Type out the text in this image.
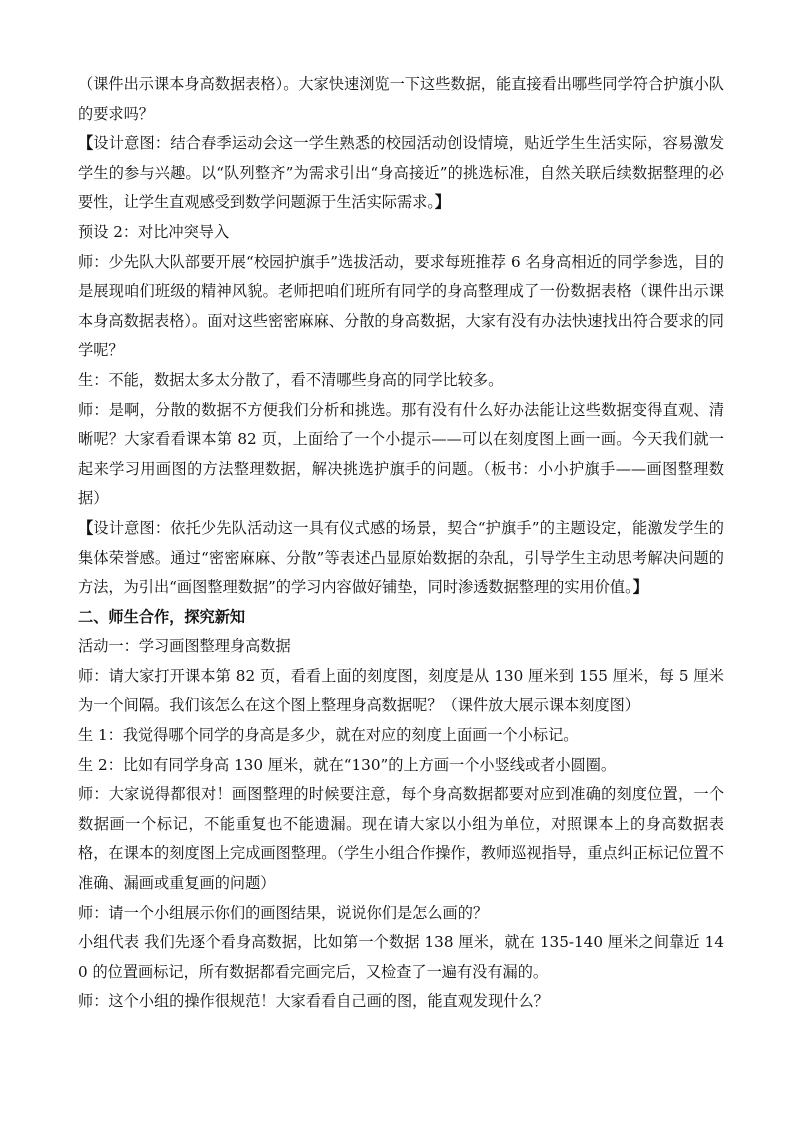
（课件出示课本身高数据表格）。大家快速浏览一下这些数据，能直接看出哪些同学符合护旗小队的要求吗？

【设计意图：结合春季运动会这一学生熟悉的校园活动创设情境，贴近学生生活实际，容易激发学生的参与兴趣。以“队列整齐”为需求引出“身高接近”的挑选标准，自然关联后续数据整理的必要性，让学生直观感受到数学问题源于生活实际需求。】

预设 2：对比冲突导入

师：少先队大队部要开展“校园护旗手”选拔活动，要求每班推荐 6 名身高相近的同学参选，目的是展现咱们班级的精神风貌。老师把咱们班所有同学的身高整理成了一份数据表格（课件出示课本身高数据表格）。面对这些密密麻麻、分散的身高数据，大家有没有办法快速找出符合要求的同学呢？

生：不能，数据太多太分散了，看不清哪些身高的同学比较多。

师：是啊，分散的数据不方便我们分析和挑选。那有没有什么好办法能让这些数据变得直观、清晰呢？大家看看课本第 82 页，上面给了一个小提示——可以在刻度图上画一画。今天我们就一起来学习用画图的方法整理数据，解决挑选护旗手的问题。（板书：小小护旗手——画图整理数据）

【设计意图：依托少先队活动这一具有仪式感的场景，契合“护旗手”的主题设定，能激发学生的集体荣誉感。通过“密密麻麻、分散”等表述凸显原始数据的杂乱，引导学生主动思考解决问题的方法，为引出“画图整理数据”的学习内容做好铺垫，同时渗透数据整理的实用价值。】

二、师生合作，探究新知

活动一：学习画图整理身高数据

师：请大家打开课本第 82 页，看看上面的刻度图，刻度是从 130 厘米到 155 厘米，每 5 厘米为一个间隔。我们该怎么在这个图上整理身高数据呢？（课件放大展示课本刻度图）

生 1：我觉得哪个同学的身高是多少，就在对应的刻度上面画一个小标记。

生 2：比如有同学身高 130 厘米，就在“130”的上方画一个小竖线或者小圆圈。

师：大家说得都很对！画图整理的时候要注意，每个身高数据都要对应到准确的刻度位置，一个数据画一个标记，不能重复也不能遗漏。现在请大家以小组为单位，对照课本上的身高数据表格，在课本的刻度图上完成画图整理。（学生小组合作操作，教师巡视指导，重点纠正标记位置不准确、漏画或重复画的问题）

师：请一个小组展示你们的画图结果，说说你们是怎么画的？

小组代表 我们先逐个看身高数据，比如第一个数据 138 厘米，就在 135-140 厘米之间靠近 140 的位置画标记，所有数据都看完画完后，又检查了一遍有没有漏的。

师：这个小组的操作很规范！大家看看自己画的图，能直观发现什么？
